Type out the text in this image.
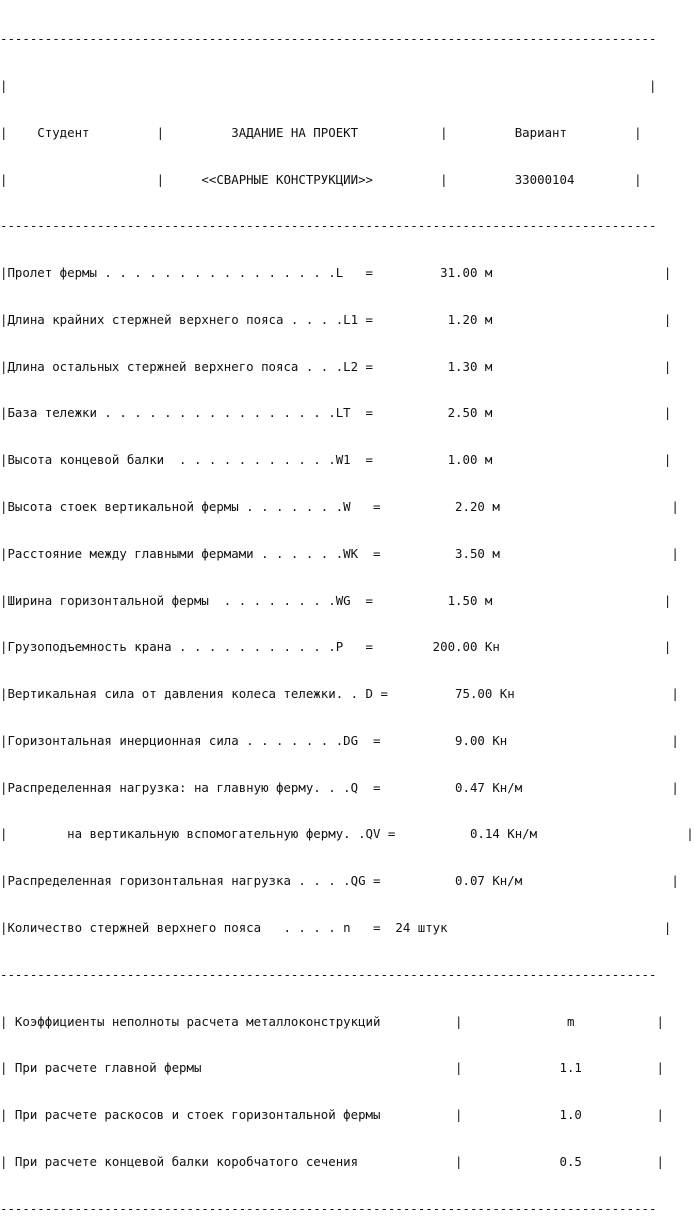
----------------------------------------------------------------------------------------

|                                                                                      |

|    Студент         |         ЗАДАНИЕ НА ПРОЕКТ           |         Вариант         |

|                    |     <<СВАРНЫЕ КОНСТРУКЦИИ>>         |         33000104        |

----------------------------------------------------------------------------------------

|Пролет фермы . . . . . . . . . . . . . . . .L   =         31.00 м                       |

|Длина крайних стержней верхнего пояса . . . .L1 =          1.20 м                       |

|Длина остальных стержней верхнего пояса . . .L2 =          1.30 м                       |

|База тележки . . . . . . . . . . . . . . . .LT  =          2.50 м                       |

|Высота концевой балки  . . . . . . . . . . .W1  =          1.00 м                       |

|Высота стоек вертикальной фермы . . . . . . .W   =          2.20 м                       |

|Расстояние между главными фермами . . . . . .WK  =          3.50 м                       |

|Ширина горизонтальной фермы  . . . . . . . .WG  =          1.50 м                       |

|Грузоподъемность крана . . . . . . . . . . .P   =        200.00 Кн                      |

|Вертикальная сила от давления колеса тележки. . D =         75.00 Кн                     |

|Горизонтальная инерционная сила . . . . . . .DG  =          9.00 Кн                      |

|Распределенная нагрузка: на главную ферму. . .Q  =          0.47 Кн/м                    |

|        на вертикальную вспомогательную ферму. .QV =          0.14 Кн/м                    |

|Распределенная горизонтальная нагрузка . . . .QG =          0.07 Кн/м                    |

|Количество стержней верхнего пояса   . . . . n   =  24 штук                             |

----------------------------------------------------------------------------------------

| Коэффициенты неполноты расчета металлоконструкций          |              m           |

| При расчете главной фермы                                  |             1.1          |

| При расчете раскосов и стоек горизонтальной фермы          |             1.0          |

| При расчете концевой балки коробчатого сечения             |             0.5          |

----------------------------------------------------------------------------------------
